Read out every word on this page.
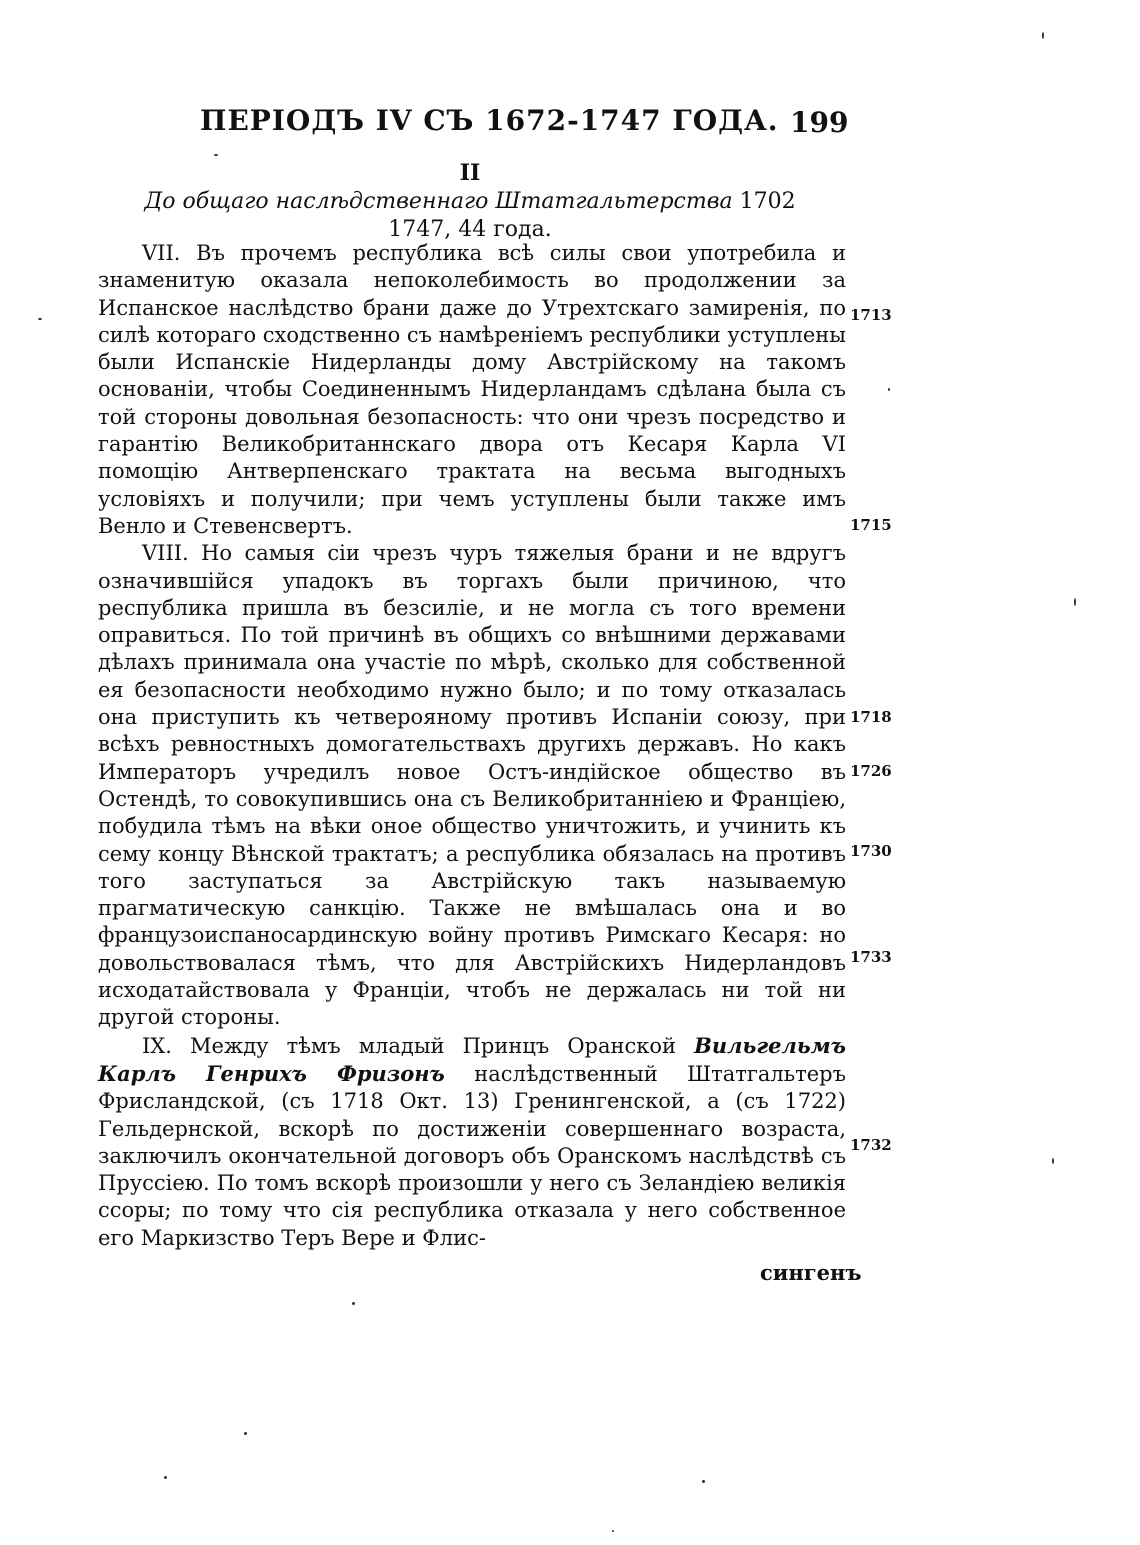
ПЕРІОДЪ IV СЪ 1672-1747 ГОДА. 199
II
До общаго наслѣдственнаго Штатгальтерства 1702
1747, 44 года.

VII. Въ прочемъ республика всѣ силы свои употребила и знаменитую оказала непоколебимость во продолжении за Испанское наслѣдство брани даже до Утрехтскаго замиренія, по силѣ котораго сходственно съ намѣреніемъ республики уступлены были Испанскіе Нидерланды дому Австрійскому на такомъ основаніи, чтобы Соединеннымъ Нидерландамъ сдѣлана была съ той стороны довольная безопасность: что они чрезъ посредство и гарантію Великобританнскаго двора отъ Кесаря Карла VI помощію Антверпенскаго трактата на весьма выгодныхъ условіяхъ и получили; при чемъ уступлены были также имъ Венло и Стевенсвертъ.

VIII. Но самыя сіи чрезъ чуръ тяжелыя брани и не вдругъ означившійся упадокъ въ торгахъ были причиною, что республика пришла въ безсиліе, и не могла съ того времени оправиться. По той причинѣ въ общихъ со внѣшними державами дѣлахъ принимала она участіе по мѣрѣ, сколько для собственной ея безопасности необходимо нужно было; и по тому отказалась она приступить къ четверояному противъ Испаніи союзу, при всѣхъ ревностныхъ домогательствахъ другихъ державъ. Но какъ Императоръ учредилъ новое Остъ-индійское общество въ Остендѣ, то совокупившись она съ Великобританніею и Франціею, побудила тѣмъ на вѣки оное общество уничтожить, и учинить къ сему концу Вѣнской трактатъ; а республика обязалась на противъ того заступаться за Австрійскую такъ называемую прагматическую санкцію. Также не вмѣшалась она и во французоиспаносардинскую войну противъ Римскаго Кесаря: но довольствовалася тѣмъ, что для Австрійскихъ Нидерландовъ исходатайствовала у Франціи, чтобъ не держалась ни той ни другой стороны.

IX. Между тѣмъ младый Принцъ Оранской Вильгельмъ Карлъ Генрихъ Фризонъ наслѣдственный Штатгальтеръ Фрисландской, (съ 1718 Окт. 13) Гренингенской, а (съ 1722) Гельдернской, вскорѣ по достиженіи совершеннаго возраста, заключилъ окончательной договоръ объ Оранскомъ наслѣдствѣ съ Пруссіею. По томъ вскорѣ произошли у него съ Зеландіею великія ссоры; по тому что сія республика отказала у него собственное его Маркизство Теръ Вере и Флис-

сингенъ
1713
1715
1718
1726
1730
1733
1732
